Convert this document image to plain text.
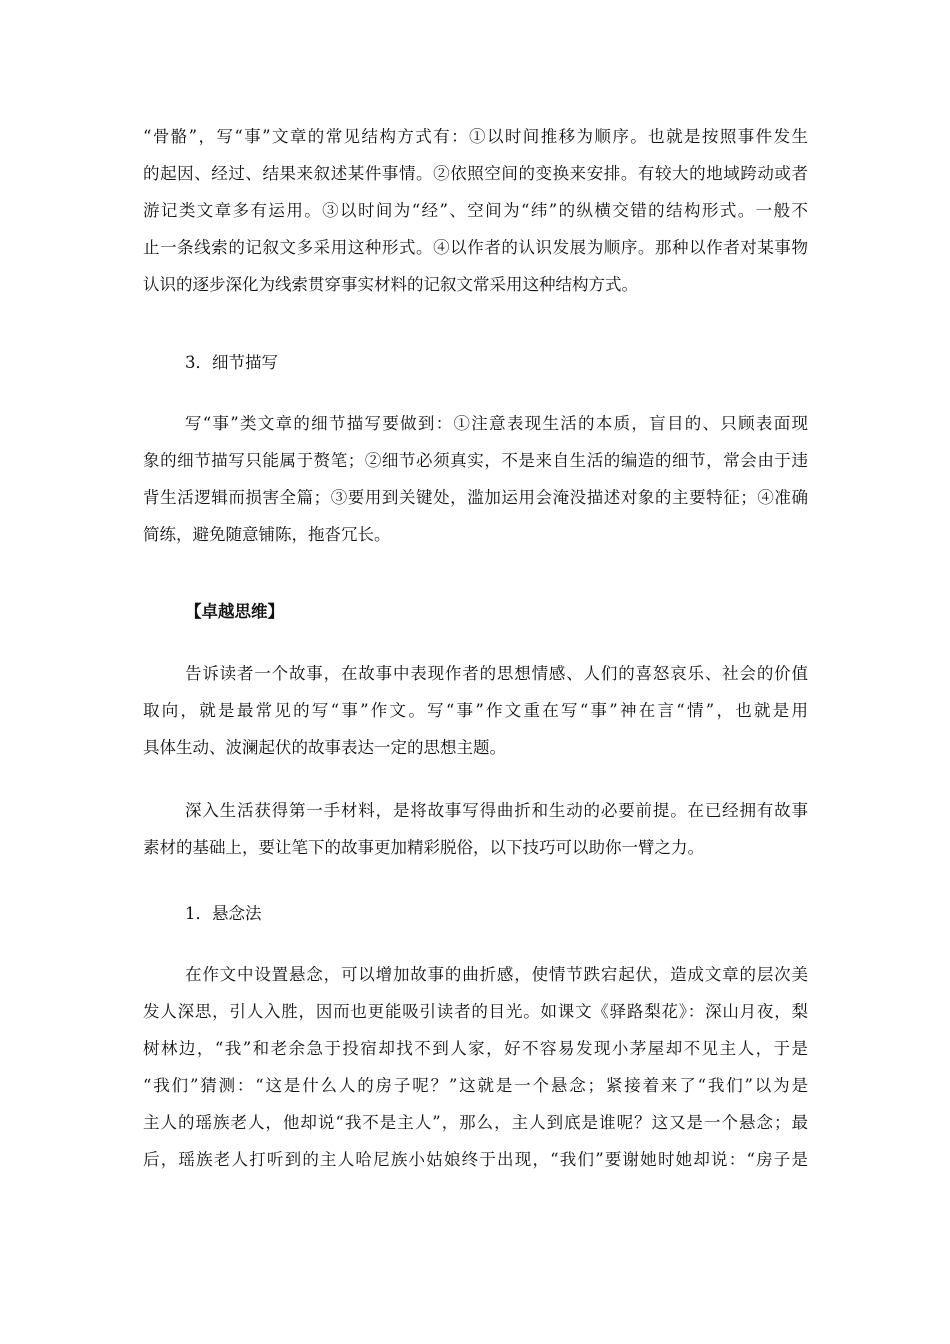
“骨骼”，写“事”文章的常见结构方式有：①以时间推移为顺序。也就是按照事件发生
的起因、经过、结果来叙述某件事情。②依照空间的变换来安排。有较大的地域跨动或者
游记类文章多有运用。③以时间为“经”、空间为“纬”的纵横交错的结构形式。一般不
止一条线索的记叙文多采用这种形式。④以作者的认识发展为顺序。那种以作者对某事物
认识的逐步深化为线索贯穿事实材料的记叙文常采用这种结构方式。
3．细节描写
写“事”类文章的细节描写要做到：①注意表现生活的本质，盲目的、只顾表面现
象的细节描写只能属于赘笔；②细节必须真实，不是来自生活的编造的细节，常会由于违
背生活逻辑而损害全篇；③要用到关键处，滥加运用会淹没描述对象的主要特征；④准确
简练，避免随意铺陈，拖沓冗长。
【卓越思维】
告诉读者一个故事，在故事中表现作者的思想情感、人们的喜怒哀乐、社会的价值
取向，就是最常见的写“事”作文。写“事”作文重在写“事”神在言“情”，也就是用
具体生动、波澜起伏的故事表达一定的思想主题。
深入生活获得第一手材料，是将故事写得曲折和生动的必要前提。在已经拥有故事
素材的基础上，要让笔下的故事更加精彩脱俗，以下技巧可以助你一臂之力。
1．悬念法
在作文中设置悬念，可以增加故事的曲折感，使情节跌宕起伏，造成文章的层次美
发人深思，引人入胜，因而也更能吸引读者的目光。如课文《驿路梨花》：深山月夜，梨
树林边，“我”和老余急于投宿却找不到人家，好不容易发现小茅屋却不见主人，于是
“我们”猜测：“这是什么人的房子呢？”这就是一个悬念；紧接着来了“我们”以为是
主人的瑶族老人，他却说“我不是主人”，那么，主人到底是谁呢？这又是一个悬念；最
后，瑶族老人打听到的主人哈尼族小姑娘终于出现，“我们”要谢她时她却说：“房子是
